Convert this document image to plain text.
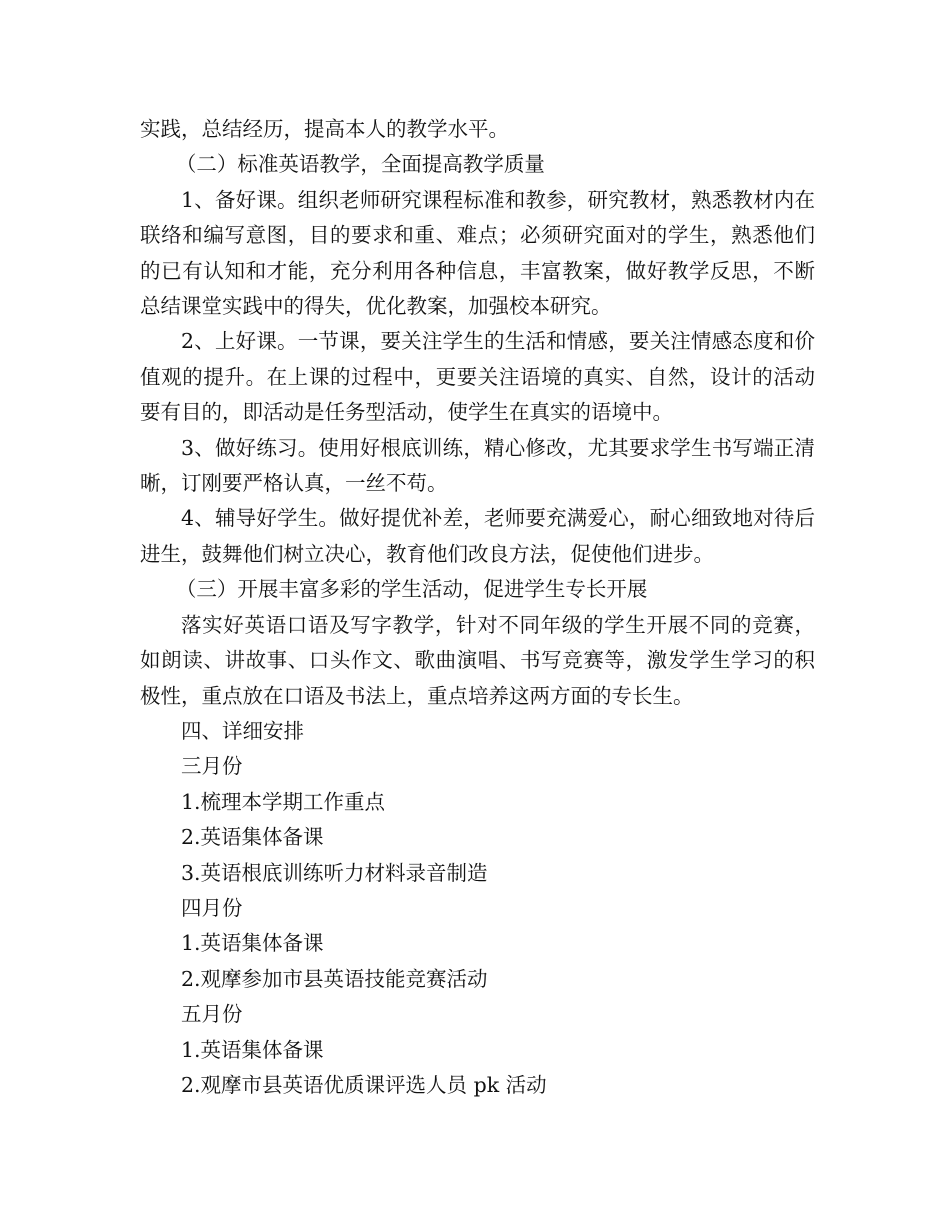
实践，总结经历，提高本人的教学水平。

（二）标准英语教学，全面提高教学质量

1、备好课。组织老师研究课程标准和教参，研究教材，熟悉教材内在联络和编写意图，目的要求和重、难点；必须研究面对的学生，熟悉他们的已有认知和才能，充分利用各种信息，丰富教案，做好教学反思，不断总结课堂实践中的得失，优化教案，加强校本研究。

2、上好课。一节课，要关注学生的生活和情感，要关注情感态度和价值观的提升。在上课的过程中，更要关注语境的真实、自然，设计的活动要有目的，即活动是任务型活动，使学生在真实的语境中。

3、做好练习。使用好根底训练，精心修改，尤其要求学生书写端正清晰，订刚要严格认真，一丝不苟。

4、辅导好学生。做好提优补差，老师要充满爱心，耐心细致地对待后进生，鼓舞他们树立决心，教育他们改良方法，促使他们进步。

（三）开展丰富多彩的学生活动，促进学生专长开展

落实好英语口语及写字教学，针对不同年级的学生开展不同的竞赛，如朗读、讲故事、口头作文、歌曲演唱、书写竞赛等，激发学生学习的积极性，重点放在口语及书法上，重点培养这两方面的专长生。

四、详细安排

三月份

1.梳理本学期工作重点

2.英语集体备课

3.英语根底训练听力材料录音制造

四月份

1.英语集体备课

2.观摩参加市县英语技能竞赛活动

五月份

1.英语集体备课

2.观摩市县英语优质课评选人员 pk 活动
